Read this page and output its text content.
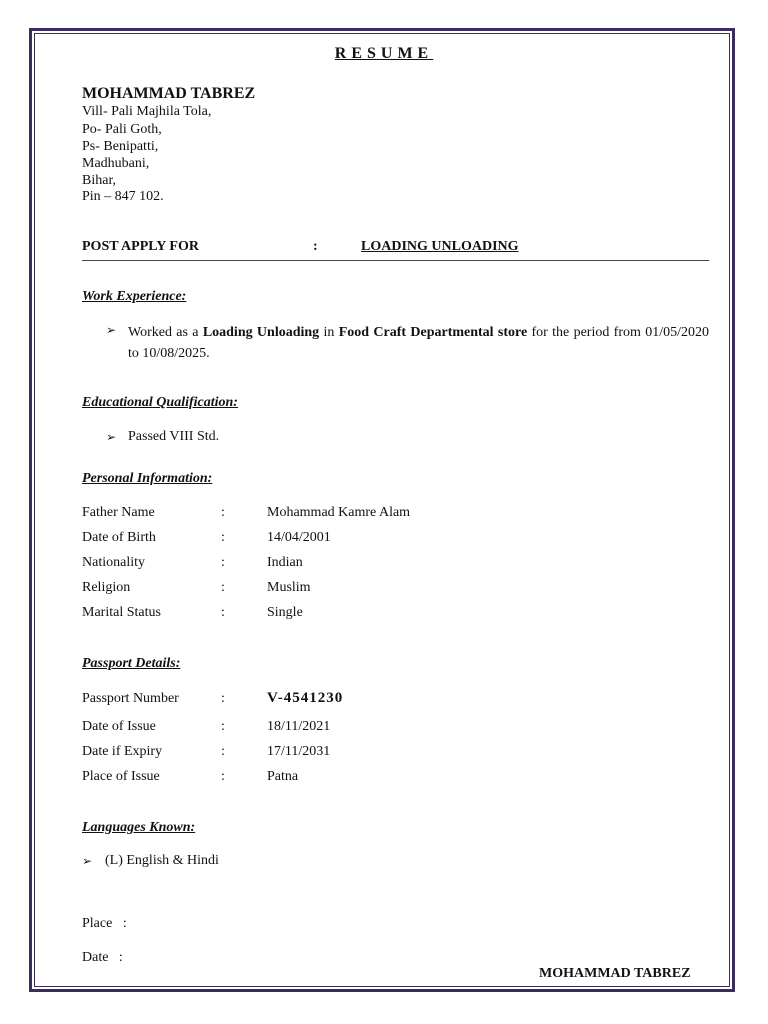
RESUME
MOHAMMAD TABREZ
Vill- Pali Majhila Tola,
Po- Pali Goth,
Ps- Benipatti,
Madhubani,
Bihar,
Pin – 847 102.
POST APPLY FOR	:	LOADING UNLOADING
Work Experience:
➢ Worked as a Loading Unloading in Food Craft Departmental store for the period from 01/05/2020 to 10/08/2025.
Educational Qualification:
➢ Passed VIII Std.
Personal Information:
Father Name	:	Mohammad Kamre Alam
Date of Birth	:	14/04/2001
Nationality	:	Indian
Religion	:	Muslim
Marital Status	:	Single
Passport Details:
Passport Number	:	V-4541230
Date of Issue	:	18/11/2021
Date if Expiry	:	17/11/2031
Place of Issue	:	Patna
Languages Known:
➢ (L) English & Hindi
Place   :
Date   :
MOHAMMAD TABREZ
